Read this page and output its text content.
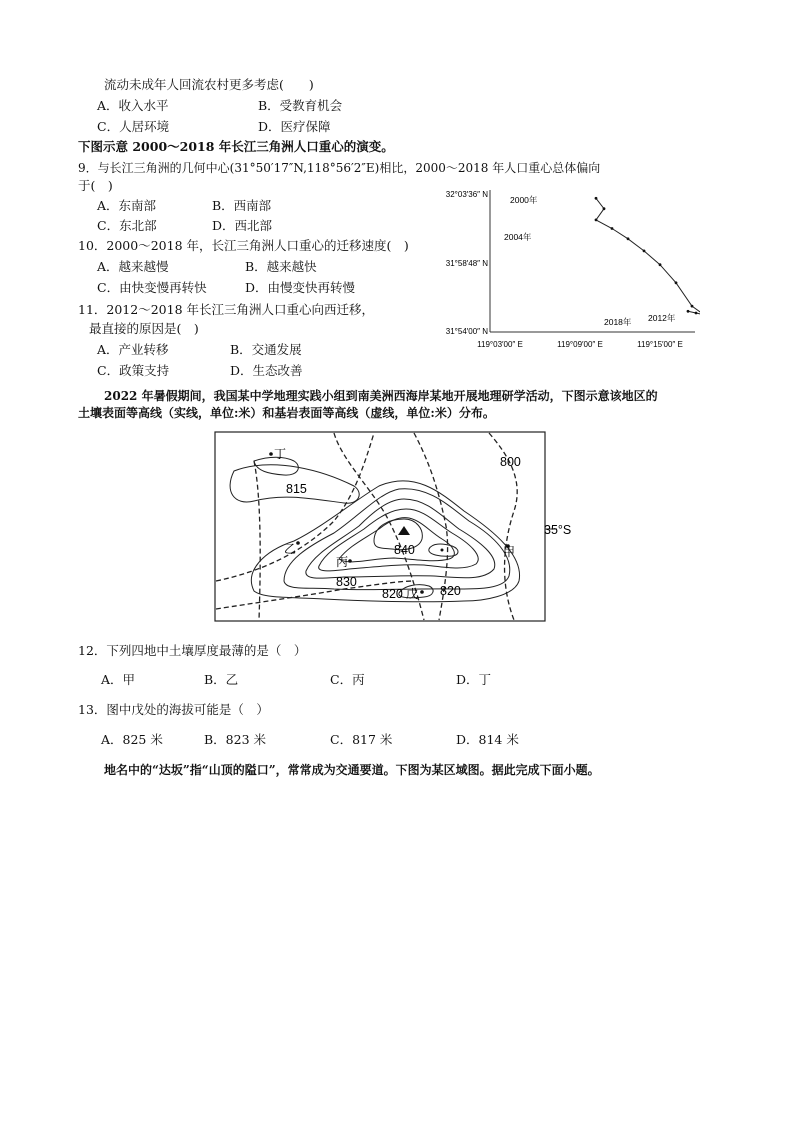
流动未成年人回流农村更多考虑(　　)
A．收入水平	B．受教育机会
C．人居环境	D．医疗保障
下图示意 2000～2018 年长江三角洲人口重心的演变。
9．与长江三角洲的几何中心(31°50′17″N,118°56′2″E)相比，2000～2018 年人口重心总体偏向
于(　)
A．东南部	B．西南部
C．东北部	D．西北部
10．2000～2018 年，长江三角洲人口重心的迁移速度(　)
A．越来越慢	B．越来越快
C．由快变慢再转快	D．由慢变快再转慢
11．2012～2018 年长江三角洲人口重心向西迁移，
最直接的原因是(　)
A．产业转移	B．交通发展
C．政策支持	D．生态改善
32°03′36″ N
31°58′48″ N
31°54′00″ N
119°03′00″ E	119°09′00″ E	119°15′00″ E
2000年
2004年
2018年 2012年
2022 年暑假期间，我国某中学地理实践小组到南美洲西海岸某地开展地理研学活动，下图示意该地区的
土壤表面等高线（实线，单位:米）和基岩表面等高线（虚线，单位:米）分布。
丁
乙
丙
甲
戊
815
800
840
830
820	820
35°S
12．下列四地中土壤厚度最薄的是（　）
A．甲	B．乙	C．丙	D．丁
13．图中戊处的海拔可能是（　）
A．825 米	B．823 米	C．817 米	D．814 米
地名中的“达坂”指“山顶的隘口”，常常成为交通要道。下图为某区域图。据此完成下面小题。
